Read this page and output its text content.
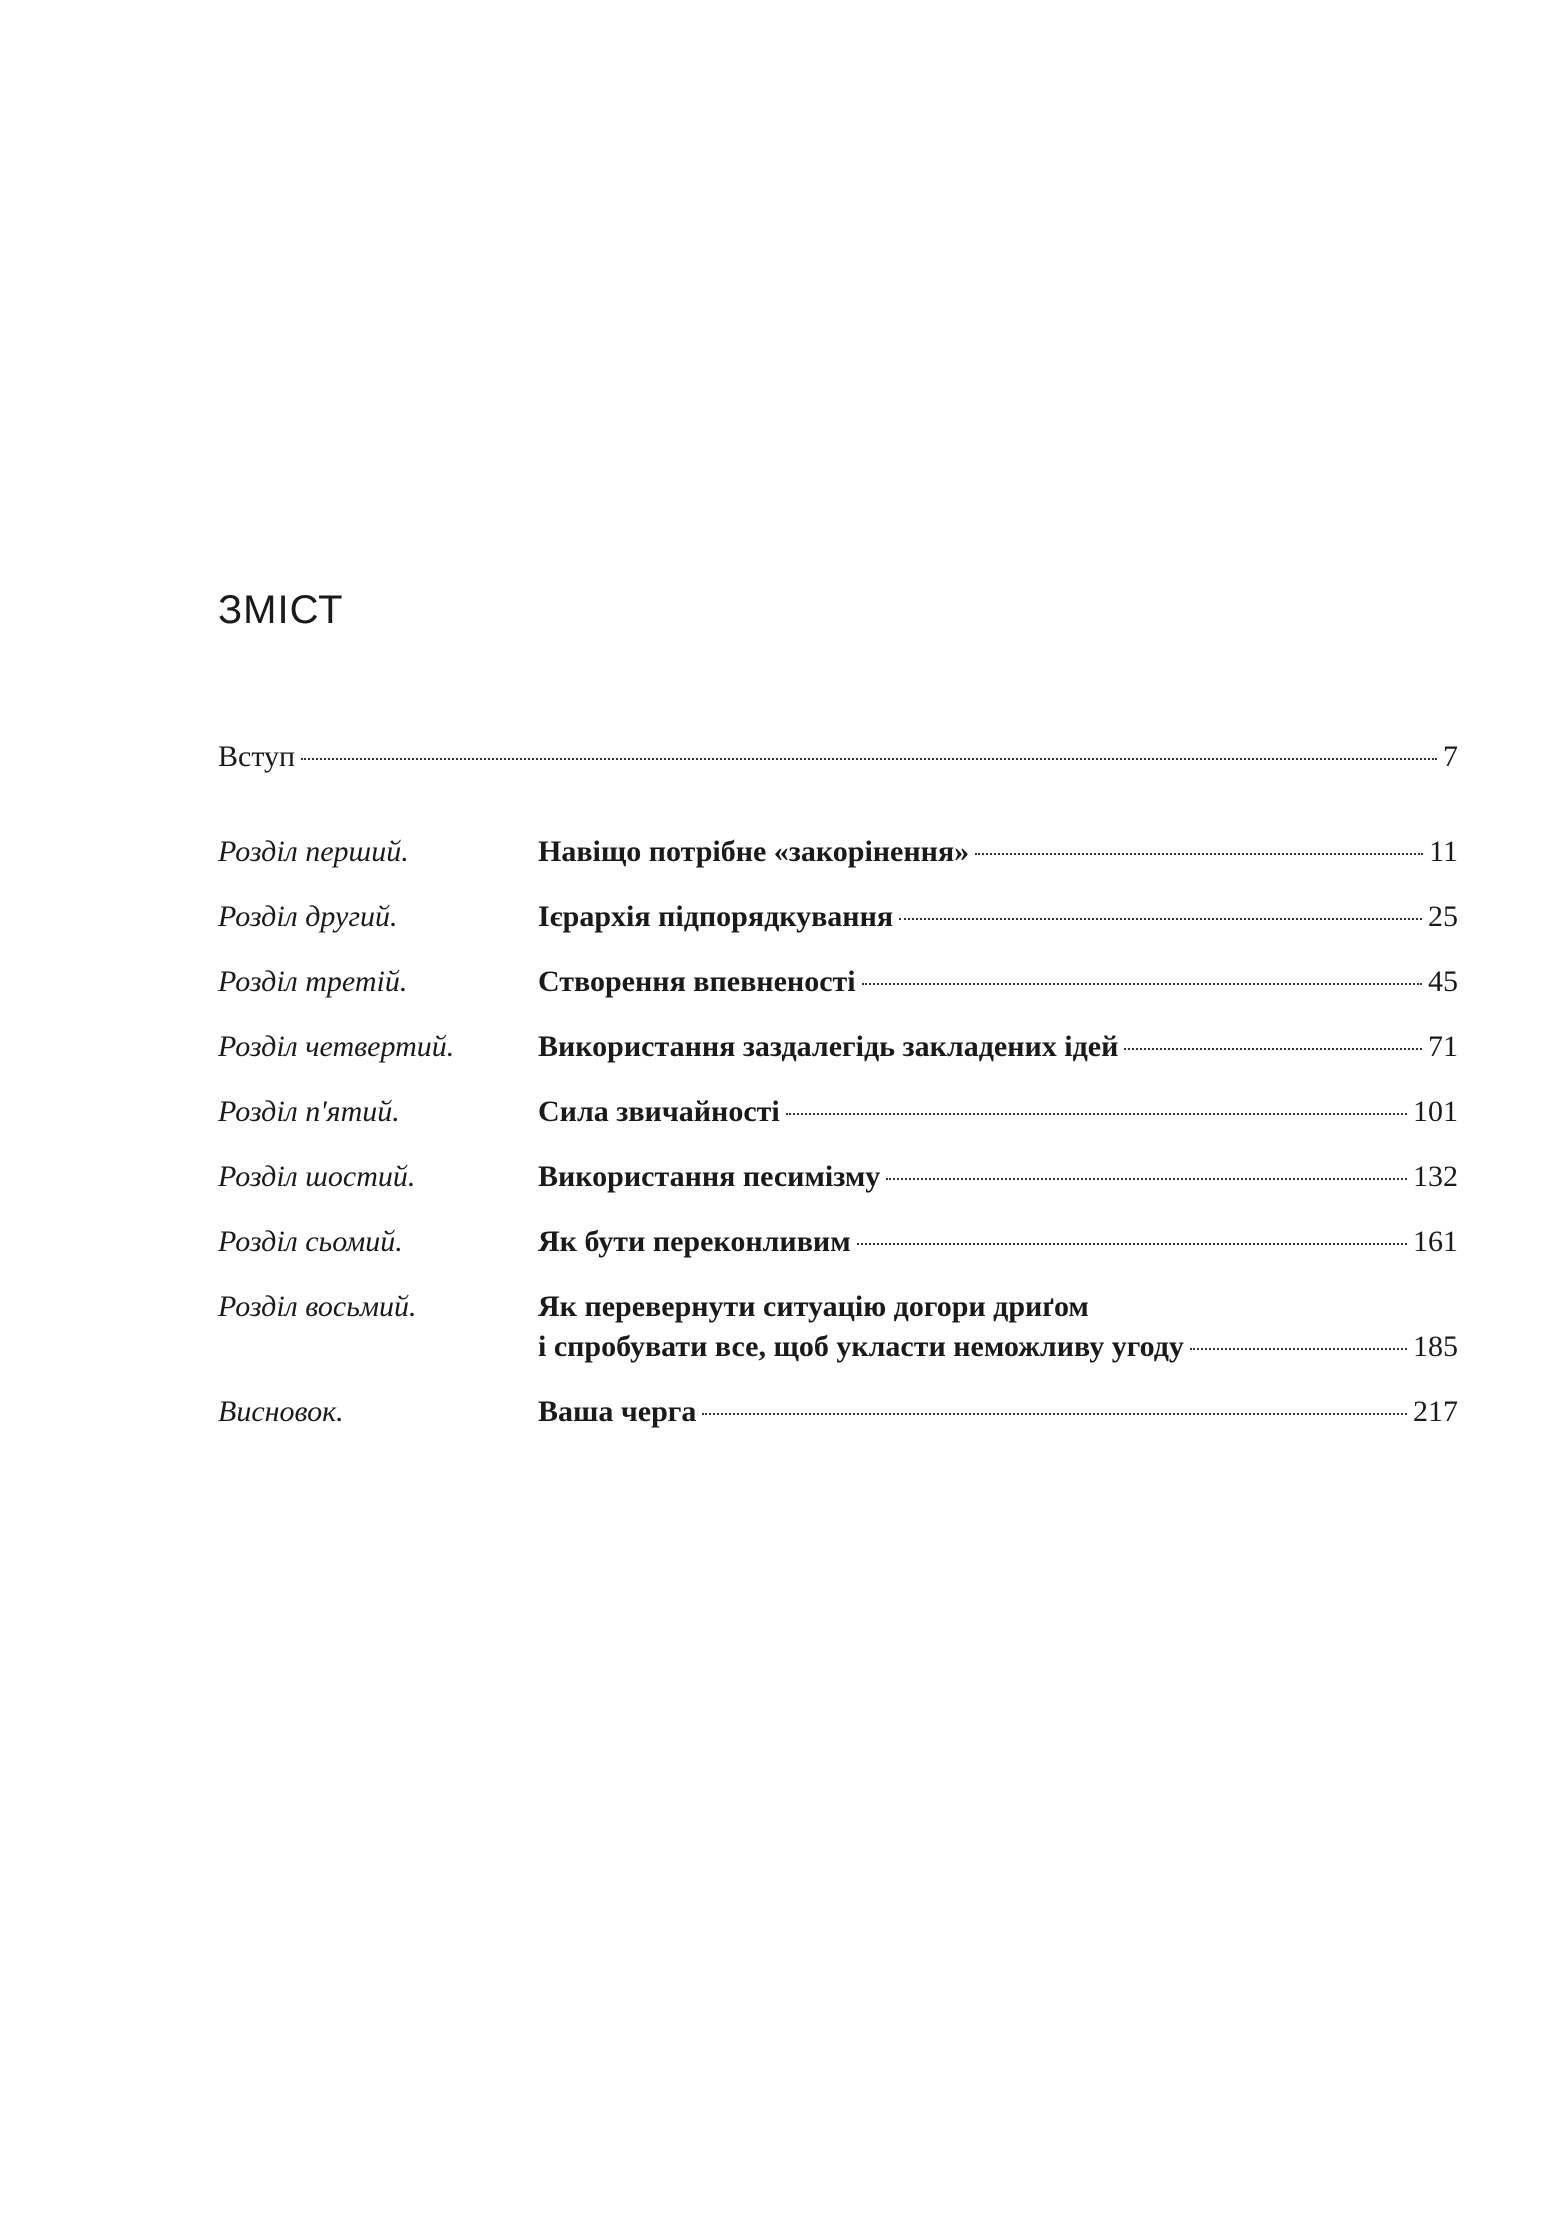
ЗМІСТ
Вступ	7
Розділ перший.	Навіщо потрібне «закорінення»	11
Розділ другий.	Ієрархія підпорядкування	25
Розділ третій.	Створення впевненості	45
Розділ четвертий.	Використання заздалегідь закладених ідей	71
Розділ п'ятий.	Сила звичайності	101
Розділ шостий.	Використання песимізму	132
Розділ сьомий.	Як бути переконливим	161
Розділ восьмий.	Як перевернути ситуацію догори дриґом
і спробувати все, щоб укласти неможливу угоду	185
Висновок.	Ваша черга	217
